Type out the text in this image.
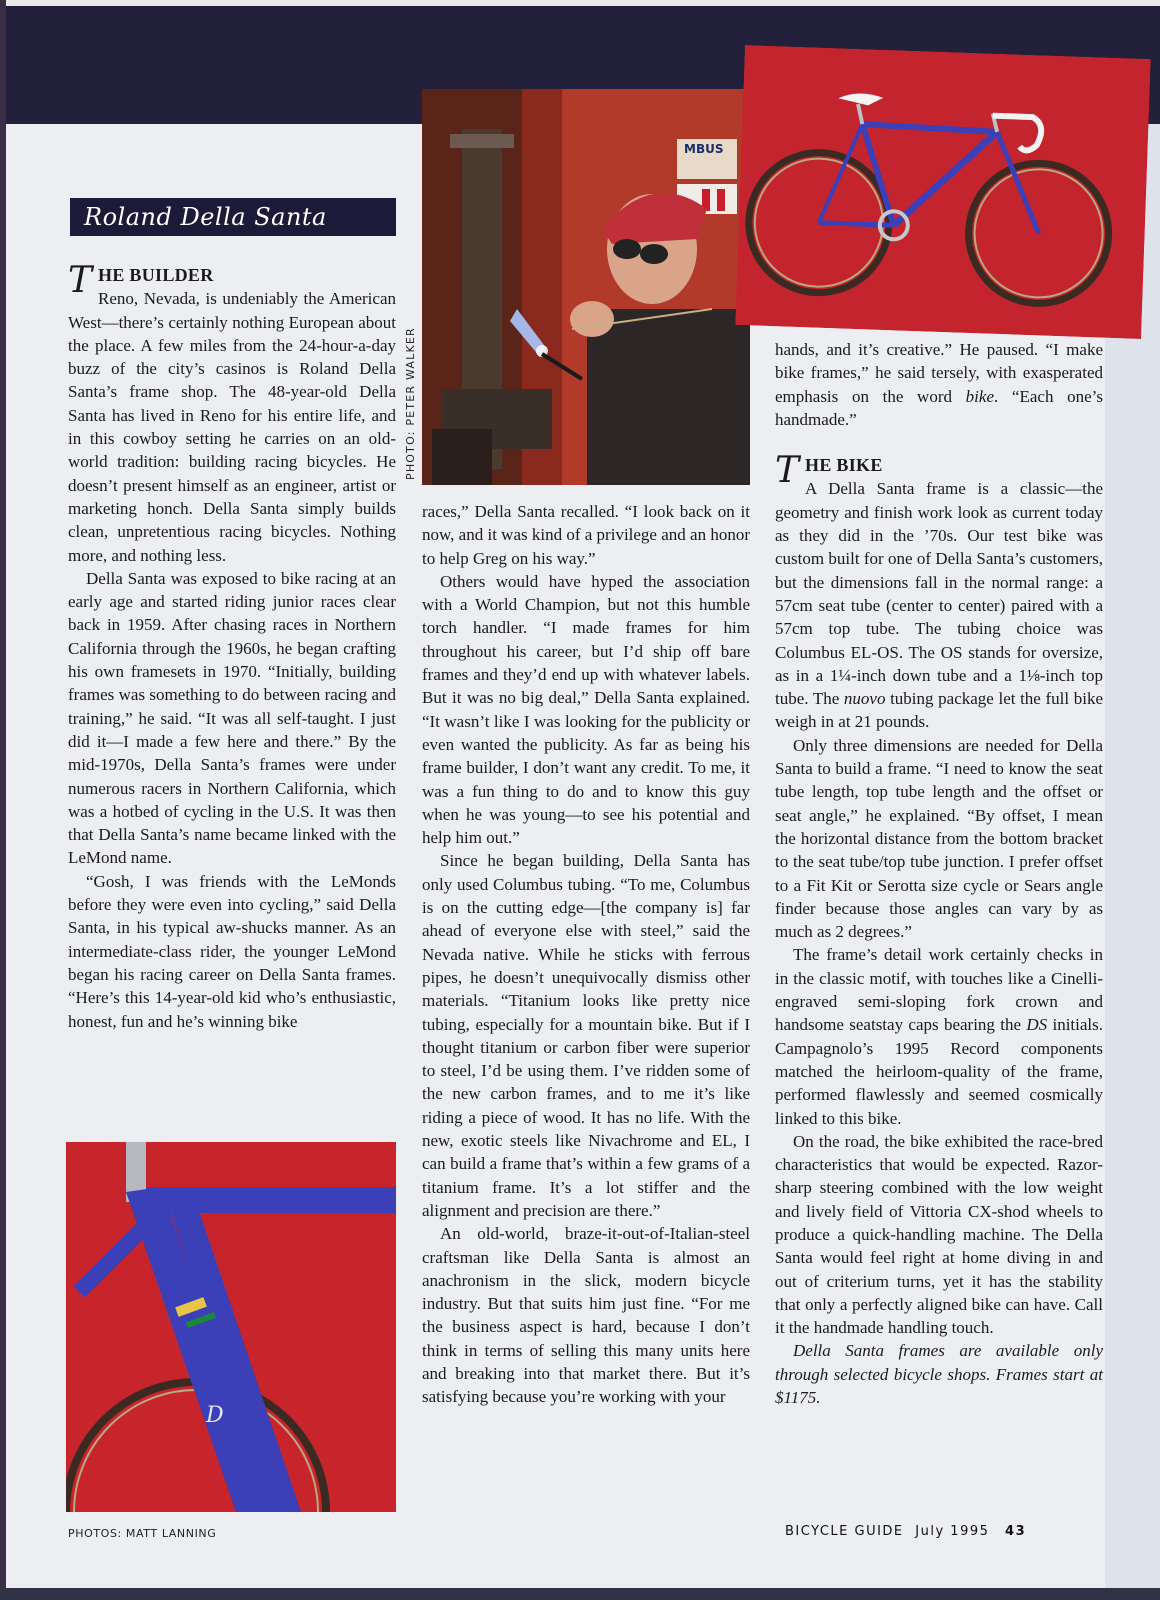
MBUS
PHOTO: PETER WALKER
D
Roland Della Santa

T HE BUILDER
Reno, Nevada, is undeniably the American West—there’s certainly nothing European about the place. A few miles from the 24-hour-a-day buzz of the city’s casinos is Roland Della Santa’s frame shop. The 48-year-old Della Santa has lived in Reno for his entire life, and in this cowboy setting he carries on an old-world tradition: building racing bicycles. He doesn’t present himself as an engineer, artist or marketing honch. Della Santa simply builds clean, unpretentious racing bicycles. Nothing more, and nothing less.

Della Santa was exposed to bike racing at an early age and started riding junior races clear back in 1959. After chasing races in Northern California through the 1960s, he began crafting his own framesets in 1970. “Initially, building frames was something to do between racing and training,” he said. “It was all self-taught. I just did it—I made a few here and there.” By the mid-1970s, Della Santa’s frames were under numerous racers in Northern California, which was a hotbed of cycling in the U.S. It was then that Della Santa’s name became linked with the LeMond name.

“Gosh, I was friends with the LeMonds before they were even into cycling,” said Della Santa, in his typical aw-shucks manner. As an intermediate-class rider, the younger LeMond began his racing career on Della Santa frames. “Here’s this 14-year-old kid who’s enthusiastic, honest, fun and he’s winning bike

races,” Della Santa recalled. “I look back on it now, and it was kind of a privilege and an honor to help Greg on his way.”

Others would have hyped the association with a World Champion, but not this humble torch handler. “I made frames for him throughout his career, but I’d ship off bare frames and they’d end up with whatever labels. But it was no big deal,” Della Santa explained. “It wasn’t like I was looking for the publicity or even wanted the publicity. As far as being his frame builder, I don’t want any credit. To me, it was a fun thing to do and to know this guy when he was young—to see his potential and help him out.”

Since he began building, Della Santa has only used Columbus tubing. “To me, Columbus is on the cutting edge—[the company is] far ahead of everyone else with steel,” said the Nevada native. While he sticks with ferrous pipes, he doesn’t unequivocally dismiss other materials. “Titanium looks like pretty nice tubing, especially for a mountain bike. But if I thought titanium or carbon fiber were superior to steel, I’d be using them. I’ve ridden some of the new carbon frames, and to me it’s like riding a piece of wood. It has no life. With the new, exotic steels like Nivachrome and EL, I can build a frame that’s within a few grams of a titanium frame. It’s a lot stiffer and the alignment and precision are there.”

An old-world, braze-it-out-of-Italian-steel craftsman like Della Santa is almost an anachronism in the slick, modern bicycle industry. But that suits him just fine. “For me the business aspect is hard, because I don’t think in terms of selling this many units here and breaking into that market there. But it’s satisfying because you’re working with your

hands, and it’s creative.” He paused. “I make bike frames,” he said tersely, with exasperated emphasis on the word bike. “Each one’s handmade.”

T HE BIKE
A Della Santa frame is a classic—the geometry and finish work look as current today as they did in the ’70s. Our test bike was custom built for one of Della Santa’s customers, but the dimensions fall in the normal range: a 57cm seat tube (center to center) paired with a 57cm top tube. The tubing choice was Columbus EL-OS. The OS stands for oversize, as in a 1¼-inch down tube and a 1⅛-inch top tube. The nuovo tubing package let the full bike weigh in at 21 pounds.

Only three dimensions are needed for Della Santa to build a frame. “I need to know the seat tube length, top tube length and the offset or seat angle,” he explained. “By offset, I mean the horizontal distance from the bottom bracket to the seat tube/top tube junction. I prefer offset to a Fit Kit or Serotta size cycle or Sears angle finder because those angles can vary by as much as 2 degrees.”

The frame’s detail work certainly checks in in the classic motif, with touches like a Cinelli-engraved semi-sloping fork crown and handsome seatstay caps bearing the DS initials. Campagnolo’s 1995 Record components matched the heirloom-quality of the frame, performed flawlessly and seemed cosmically linked to this bike.

On the road, the bike exhibited the race-bred characteristics that would be expected. Razor-sharp steering combined with the low weight and lively field of Vittoria CX-shod wheels to produce a quick-handling machine. The Della Santa would feel right at home diving in and out of criterium turns, yet it has the stability that only a perfectly aligned bike can have. Call it the handmade handling touch.

Della Santa frames are available only through selected bicycle shops. Frames start at $1175.

PHOTOS: MATT LANNING	BICYCLE GUIDE July 1995 43
